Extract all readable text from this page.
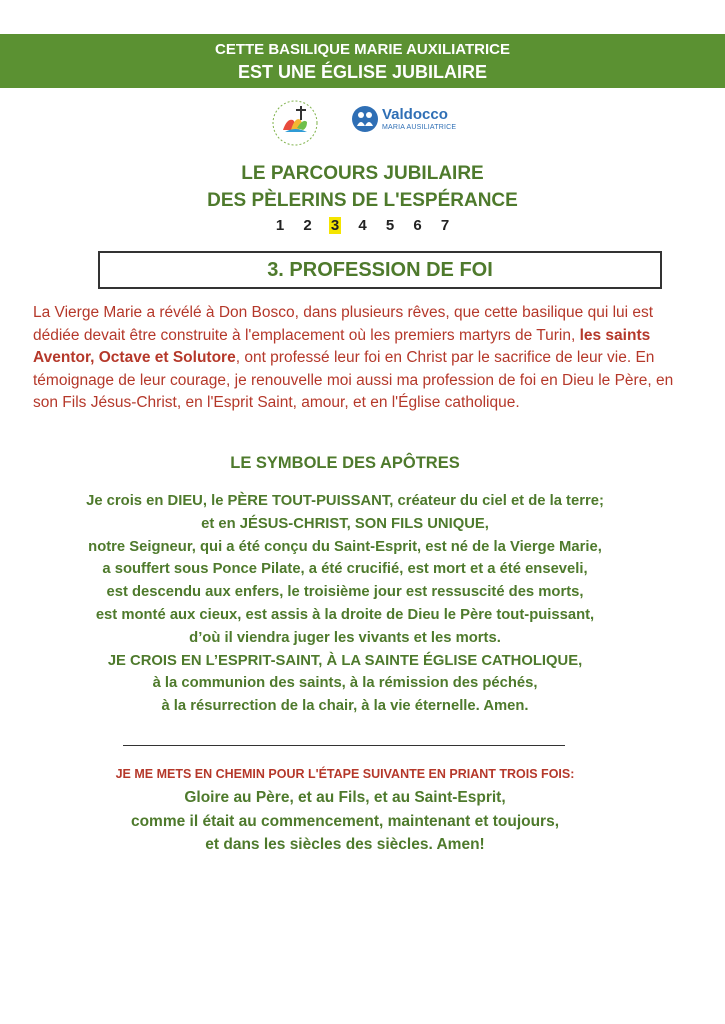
CETTE BASILIQUE MARIE AUXILIATRICE
EST UNE ÉGLISE JUBILAIRE
Valdocco
MARIA AUSILIATRICE
LE PARCOURS JUBILAIRE
DES PÈLERINS DE L'ESPÉRANCE
1 2 3 4 5 6 7
3. PROFESSION DE FOI
La Vierge Marie a révélé à Don Bosco, dans plusieurs rêves, que cette basilique qui lui est dédiée devait être construite à l'emplacement où les premiers martyrs de Turin, les saints Aventor, Octave et Solutore, ont professé leur foi en Christ par le sacrifice de leur vie. En témoignage de leur courage, je renouvelle moi aussi ma profession de foi en Dieu le Père, en son Fils Jésus-Christ, en l'Esprit Saint, amour, et en l'Église catholique.
LE SYMBOLE DES APÔTRES
Je crois en DIEU, le PÈRE TOUT-PUISSANT, créateur du ciel et de la terre;
et en JÉSUS-CHRIST, SON FILS UNIQUE,
notre Seigneur, qui a été conçu du Saint-Esprit, est né de la Vierge Marie,
a souffert sous Ponce Pilate, a été crucifié, est mort et a été enseveli,
est descendu aux enfers, le troisième jour est ressuscité des morts,
est monté aux cieux, est assis à la droite de Dieu le Père tout-puissant,
d’où il viendra juger les vivants et les morts.
JE CROIS EN L’ESPRIT-SAINT, À LA SAINTE ÉGLISE CATHOLIQUE,
à la communion des saints, à la rémission des péchés,
à la résurrection de la chair, à la vie éternelle. Amen.
JE ME METS EN CHEMIN POUR L'ÉTAPE SUIVANTE EN PRIANT TROIS FOIS:
Gloire au Père, et au Fils, et au Saint-Esprit,
comme il était au commencement, maintenant et toujours,
et dans les siècles des siècles. Amen!
